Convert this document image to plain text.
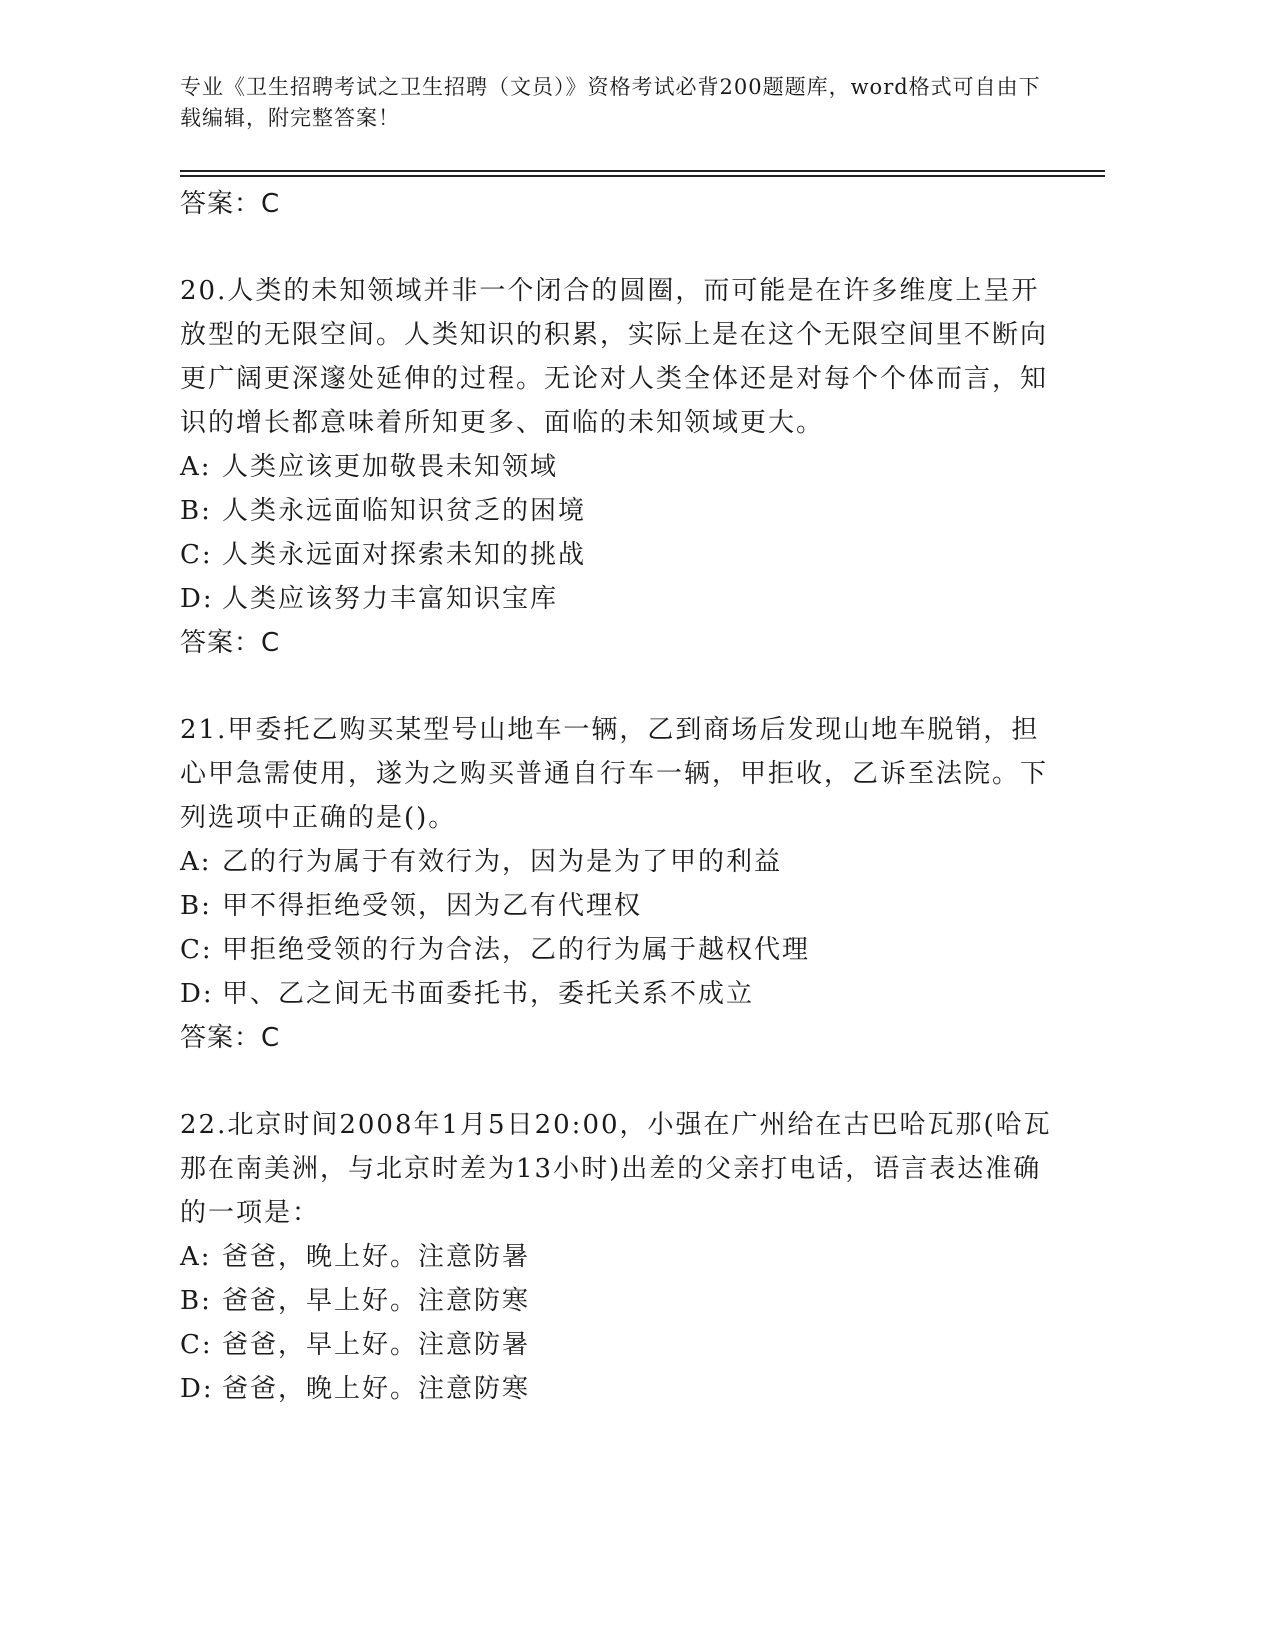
专业《卫生招聘考试之卫生招聘（文员）》资格考试必背200题题库，word格式可自由下载编辑，附完整答案！
答案：C

20.人类的未知领域并非一个闭合的圆圈，而可能是在许多维度上呈开放型的无限空间。人类知识的积累，实际上是在这个无限空间里不断向更广阔更深邃处延伸的过程。无论对人类全体还是对每个个体而言，知识的增长都意味着所知更多、面临的未知领域更大。

A: 人类应该更加敬畏未知领域
B: 人类永远面临知识贫乏的困境
C: 人类永远面对探索未知的挑战
D: 人类应该努力丰富知识宝库
答案：C

21.甲委托乙购买某型号山地车一辆，乙到商场后发现山地车脱销，担心甲急需使用，遂为之购买普通自行车一辆，甲拒收，乙诉至法院。下列选项中正确的是()。

A: 乙的行为属于有效行为，因为是为了甲的利益
B: 甲不得拒绝受领，因为乙有代理权
C: 甲拒绝受领的行为合法，乙的行为属于越权代理
D: 甲、乙之间无书面委托书，委托关系不成立
答案：C

22.北京时间2008年1月5日20:00，小强在广州给在古巴哈瓦那(哈瓦那在南美洲，与北京时差为13小时)出差的父亲打电话，语言表达准确的一项是：

A: 爸爸，晚上好。注意防暑
B: 爸爸，早上好。注意防寒
C: 爸爸，早上好。注意防暑
D: 爸爸，晚上好。注意防寒
